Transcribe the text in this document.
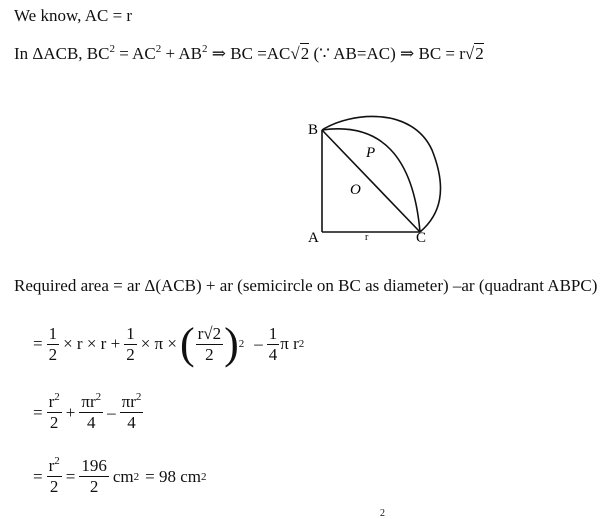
We know, AC = r
In ΔACB, $BC^2 = AC^2 + AB^2$ ⇒ BC =AC√2 (∵ AB=AC) ⇒ BC = r√2
B
P
O
A	r	C
Required area = ar Δ(ACB) + ar (semicircle on BC as diameter) –ar (quadrant ABPC)
= $\frac{1}{2} \times r \times r + \frac{1}{2} \times \pi$ × ( $\frac{r√2}{2}$ ) $2 - \frac{1}{4}$ π r 2
= $\frac{r^2}{2} + \frac{\pi r^2}{4} - \frac{\pi r^2}{4}$
= $\frac{r^2}{2} = \frac{196}{2}$ cm 2 = 98 cm 2
2
